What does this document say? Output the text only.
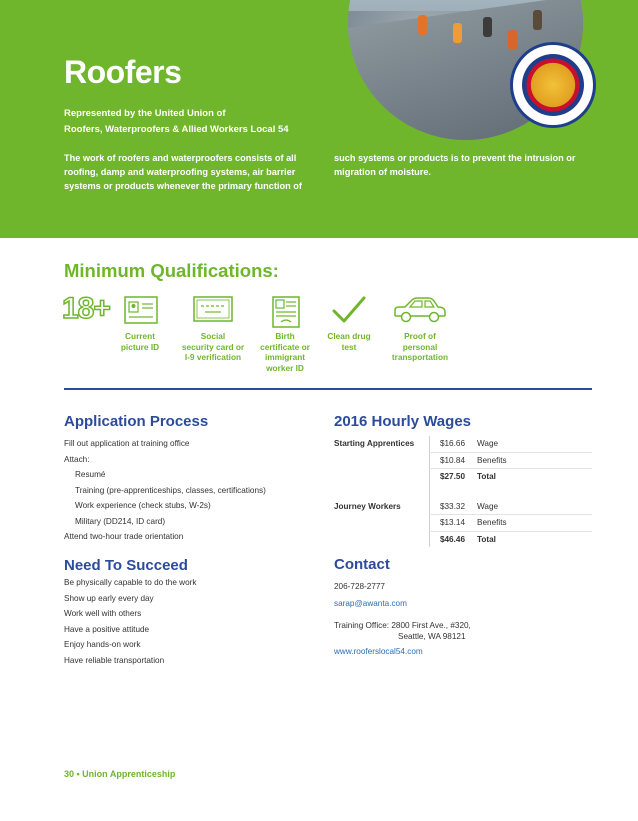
Roofers
Represented by the United Union of
Roofers, Waterproofers & Allied Workers Local 54
The work of roofers and waterproofers consists of all roofing, damp and waterproofing systems, air barrier systems or products whenever the primary function of
such systems or products is to prevent the intrusion or migration of moisture.
Minimum Qualifications:
18+
Current
picture ID
Social
security card or
I-9 verification
Birth
certificate or
immigrant
worker ID
Clean drug
test
Proof of
personal
transportation
Application Process
Fill out application at training office
Attach:
Resumé
Training (pre-apprenticeships, classes, certifications)
Work experience (check stubs, W-2s)
Military (DD214, ID card)
Attend two-hour trade orientation
2016 Hourly Wages
Starting Apprentices	$16.66	Wage
	$10.84	Benefits
	$27.50	Total

Journey Workers	$33.32	Wage
	$13.14	Benefits
	$46.46	Total
Need To Succeed
Be physically capable to do the work
Show up early every day
Work well with others
Have a positive attitude
Enjoy hands-on work
Have reliable transportation
Contact
206-728-2777
sarap@awanta.com
Training Office: 2800 First Ave., #320,
Seattle, WA 98121
www.rooferslocal54.com
30 • Union Apprenticeship
